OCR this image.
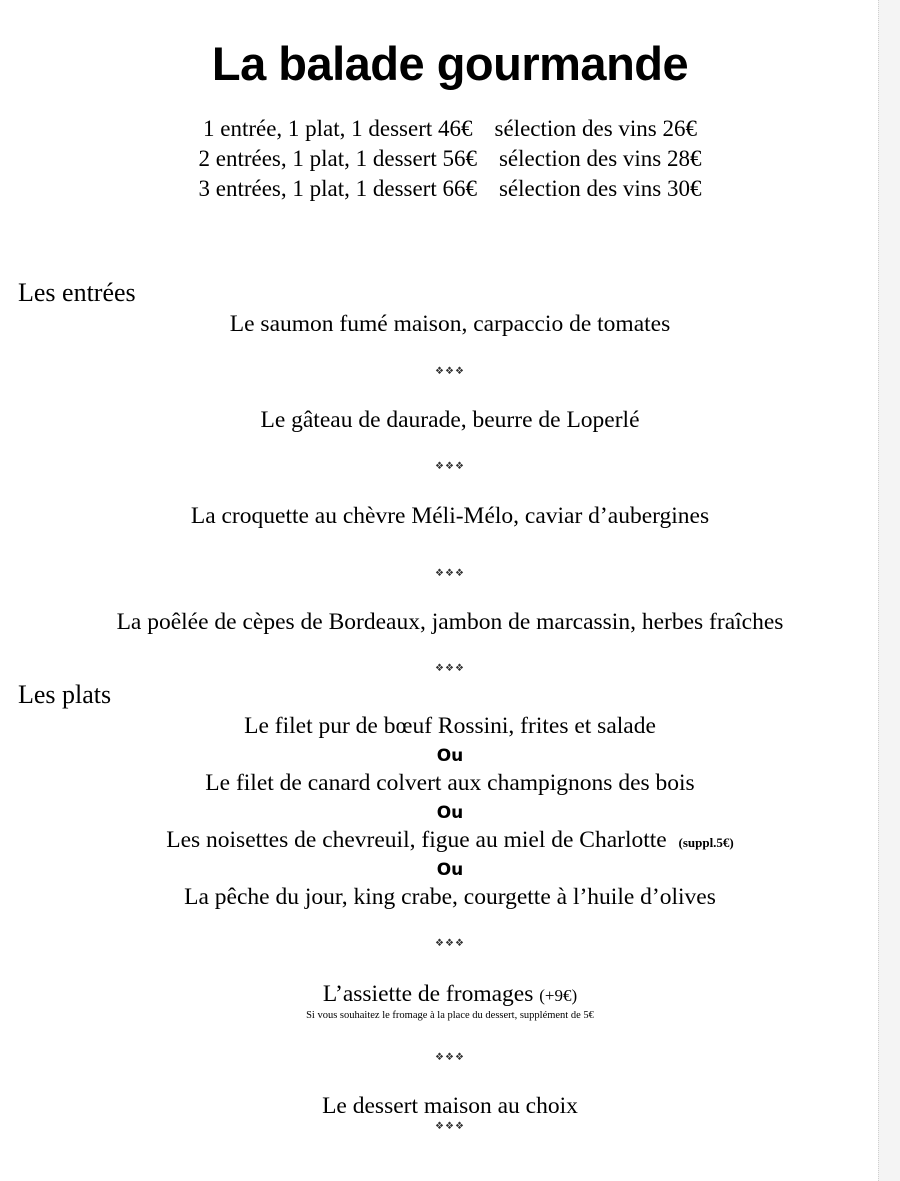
La balade gourmande
1 entrée, 1 plat, 1 dessert 46€ sélection des vins 26€
2 entrées, 1 plat, 1 dessert 56€ sélection des vins 28€
3 entrées, 1 plat, 1 dessert 66€ sélection des vins 30€
Les entrées
Le saumon fumé maison, carpaccio de tomates
❖❖❖
Le gâteau de daurade, beurre de Loperlé
❖❖❖
La croquette au chèvre Méli-Mélo, caviar d’aubergines
❖❖❖
La poêlée de cèpes de Bordeaux, jambon de marcassin, herbes fraîches
❖❖❖
Les plats
Le filet pur de bœuf Rossini, frites et salade
Ou
Le filet de canard colvert aux champignons des bois
Ou
Les noisettes de chevreuil, figue au miel de Charlotte (suppl.5€)
Ou
La pêche du jour, king crabe, courgette à l’huile d’olives
❖❖❖
L’assiette de fromages (+9€)
Si vous souhaitez le fromage à la place du dessert, supplément de 5€
❖❖❖
Le dessert maison au choix
❖❖❖
